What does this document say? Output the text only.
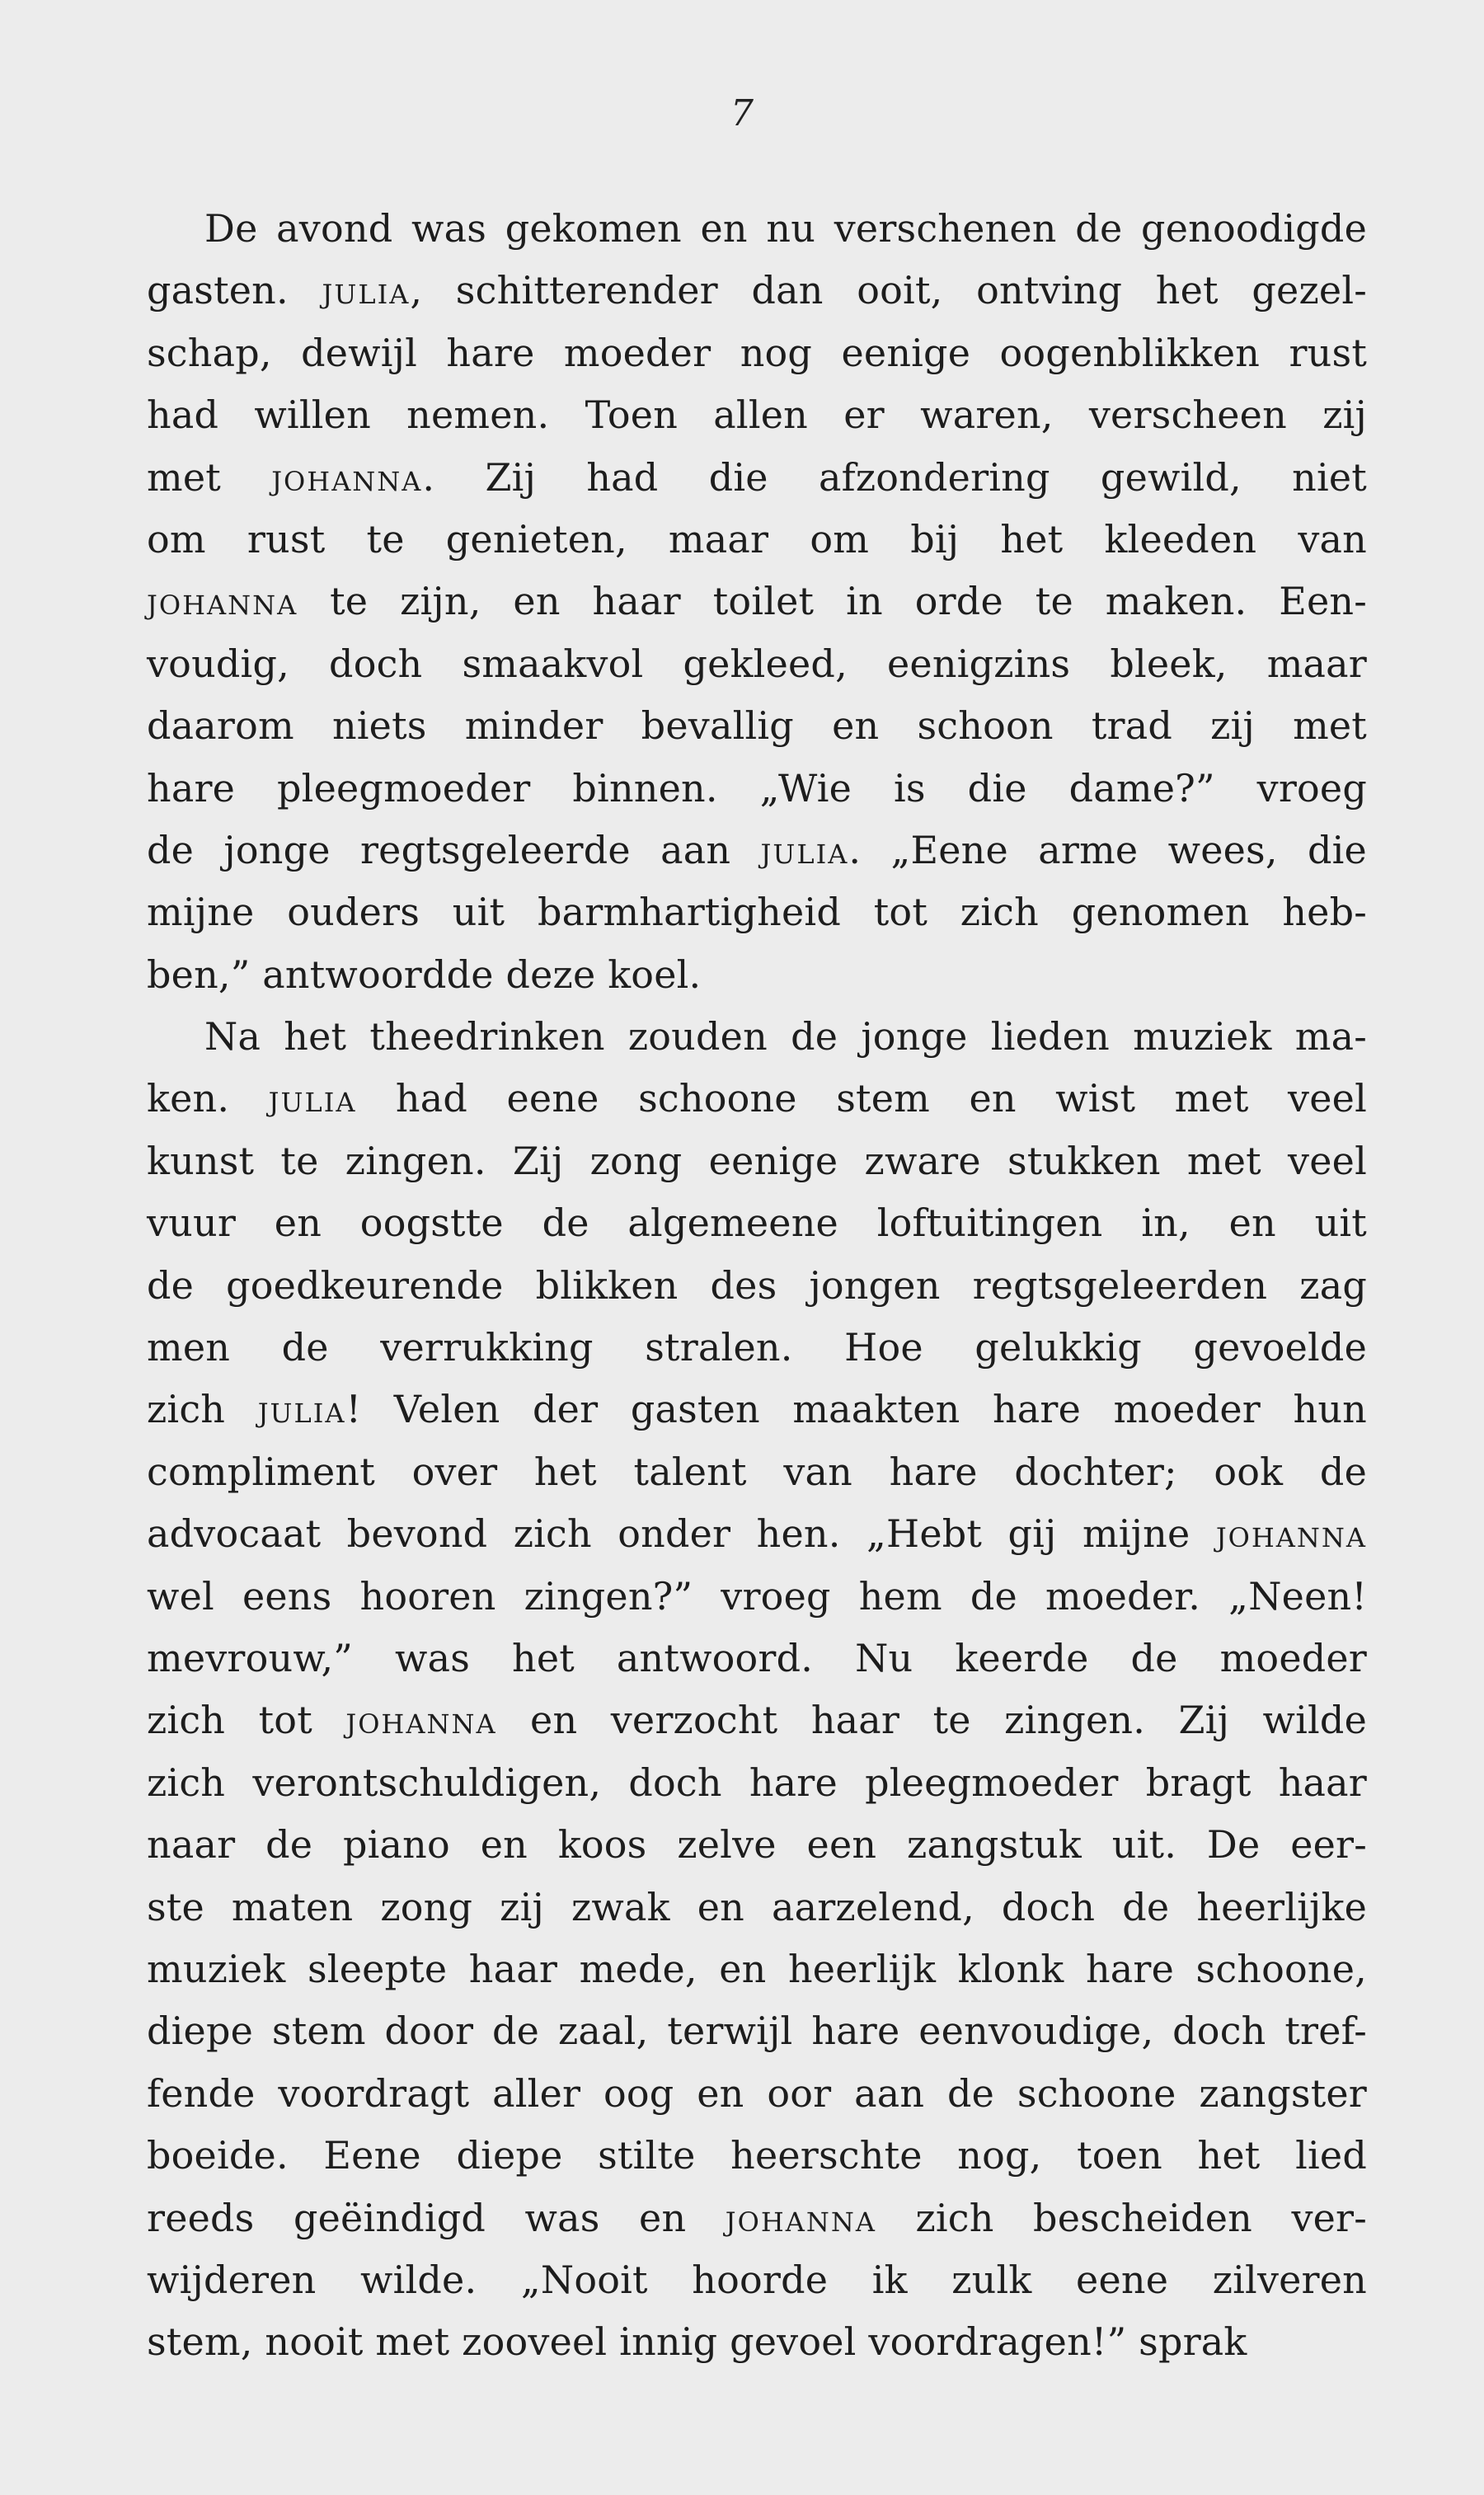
7
De avond was gekomen en nu verschenen de genoodigde
gasten. julia, schitterender dan ooit, ontving het gezel-
schap, dewijl hare moeder nog eenige oogenblikken rust
had willen nemen. Toen allen er waren, verscheen zij
met johanna. Zij had die afzondering gewild, niet
om rust te genieten, maar om bij het kleeden van
johanna te zijn, en haar toilet in orde te maken. Een-
voudig, doch smaakvol gekleed, eenigzins bleek, maar
daarom niets minder bevallig en schoon trad zij met
hare pleegmoeder binnen. „Wie is die dame?” vroeg
de jonge regtsgeleerde aan julia. „Eene arme wees, die
mijne ouders uit barmhartigheid tot zich genomen heb-
ben,” antwoordde deze koel.
Na het theedrinken zouden de jonge lieden muziek ma-
ken. julia had eene schoone stem en wist met veel
kunst te zingen. Zij zong eenige zware stukken met veel
vuur en oogstte de algemeene loftuitingen in, en uit
de goedkeurende blikken des jongen regtsgeleerden zag
men de verrukking stralen. Hoe gelukkig gevoelde
zich julia! Velen der gasten maakten hare moeder hun
compliment over het talent van hare dochter; ook de
advocaat bevond zich onder hen. „Hebt gij mijne johanna
wel eens hooren zingen?” vroeg hem de moeder. „Neen!
mevrouw,” was het antwoord. Nu keerde de moeder
zich tot johanna en verzocht haar te zingen. Zij wilde
zich verontschuldigen, doch hare pleegmoeder bragt haar
naar de piano en koos zelve een zangstuk uit. De eer-
ste maten zong zij zwak en aarzelend, doch de heerlijke
muziek sleepte haar mede, en heerlijk klonk hare schoone,
diepe stem door de zaal, terwijl hare eenvoudige, doch tref-
fende voordragt aller oog en oor aan de schoone zangster
boeide. Eene diepe stilte heerschte nog, toen het lied
reeds geëindigd was en johanna zich bescheiden ver-
wijderen wilde. „Nooit hoorde ik zulk eene zilveren
stem, nooit met zooveel innig gevoel voordragen!” sprak
